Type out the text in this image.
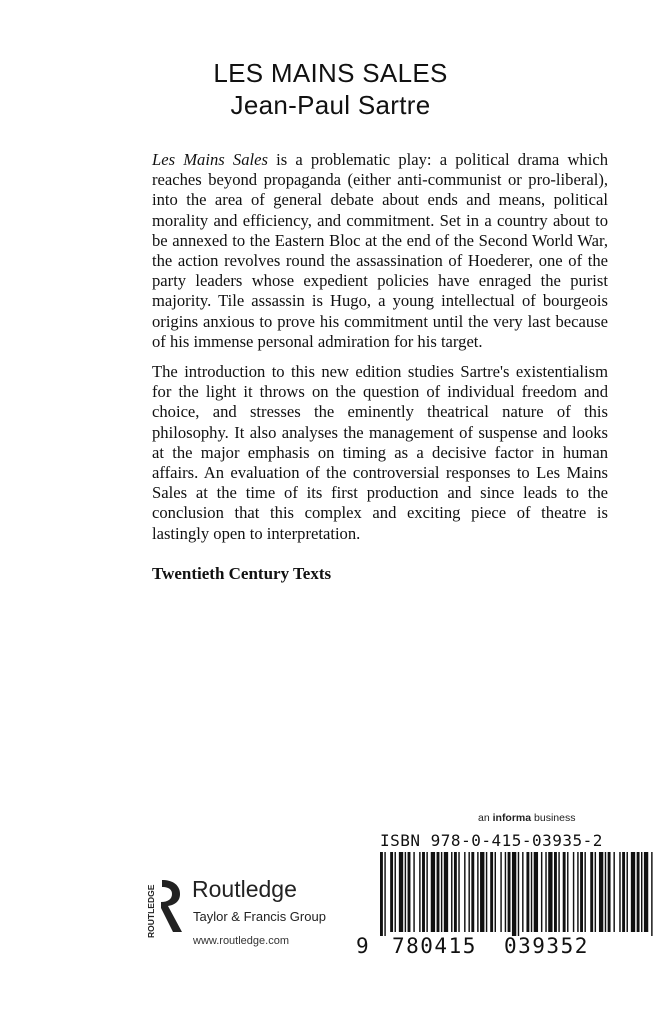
LES MAINS SALES
Jean-Paul Sartre
Les Mains Sales is a problematic play: a political drama which reaches beyond propaganda (either anti-communist or pro-liberal), into the area of general debate about ends and means, political morality and efficiency, and commitment. Set in a country about to be annexed to the Eastern Bloc at the end of the Second World War, the action revolves round the assassination of Hoederer, one of the party leaders whose expedient policies have enraged the purist majority. Tile assassin is Hugo, a young intellectual of bourgeois origins anxious to prove his commitment until the very last because of his immense personal admiration for his target.
The introduction to this new edition studies Sartre's existentialism for the light it throws on the question of individual freedom and choice, and stresses the eminently theatrical nature of this philosophy. It also analyses the management of suspense and looks at the major emphasis on timing as a decisive factor in human affairs. An evaluation of the controversial responses to Les Mains Sales at the time of its first production and since leads to the conclusion that this complex and exciting piece of theatre is lastingly open to interpretation.
Twentieth Century Texts
ROUTLEDGE Routledge
Taylor & Francis Group
www.routledge.com
an informa business
ISBN 978-0-415-03935-2
9 780415 039352
